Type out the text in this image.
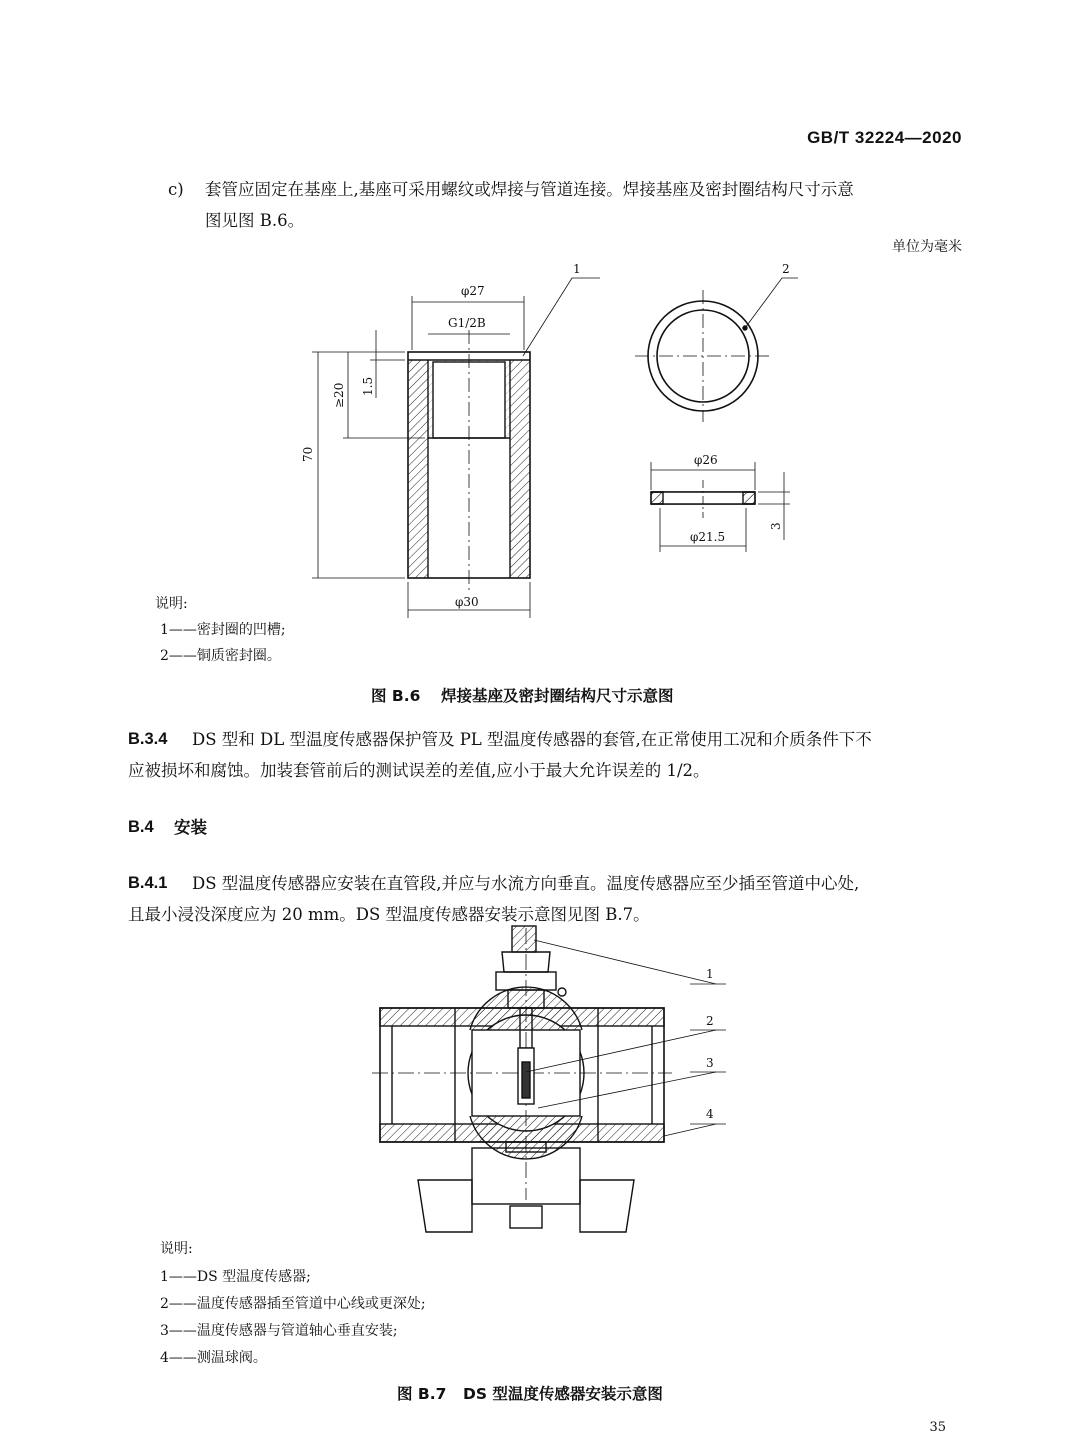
GB/T 32224—2020
c) 套管应固定在基座上,基座可采用螺纹或焊接与管道连接。焊接基座及密封圈结构尺寸示意
图见图 B.6。
单位为毫米
φ27
G1/2B
φ30
φ26
φ21.5
1	2
70
≥20 1.5
3
说明:
1——密封圈的凹槽;
2——铜质密封圈。
图 B.6 焊接基座及密封圈结构尺寸示意图
B.3.4 DS 型和 DL 型温度传感器保护管及 PL 型温度传感器的套管,在正常使用工况和介质条件下不
应被损坏和腐蚀。加装套管前后的测试误差的差值,应小于最大允许误差的 1/2。
B.4 安装
B.4.1 DS 型温度传感器应安装在直管段,并应与水流方向垂直。温度传感器应至少插至管道中心处,
且最小浸没深度应为 20 mm。DS 型温度传感器安装示意图见图 B.7。
1
2
3
4
说明:
1——DS 型温度传感器;
2——温度传感器插至管道中心线或更深处;
3——温度传感器与管道轴心垂直安装;
4——测温球阀。
图 B.7 DS 型温度传感器安装示意图
35
